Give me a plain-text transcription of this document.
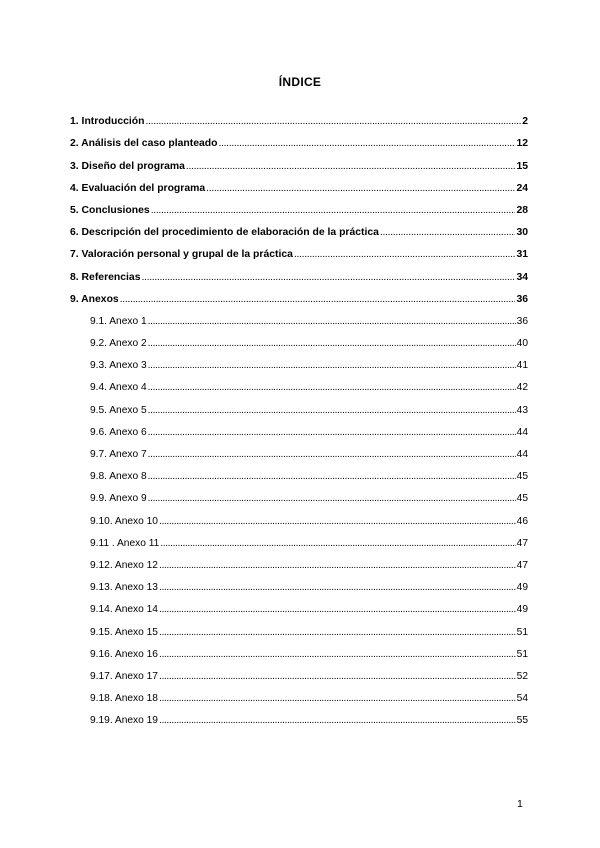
ÍNDICE
1. Introducción . . .	2
2. Análisis del caso planteado . . .	12
3. Diseño del programa . . .	15
4. Evaluación del programa . . .	24
5. Conclusiones . . .	28
6. Descripción del procedimiento de elaboración de la práctica . . .	30
7. Valoración personal y grupal de la práctica . . .	31
8. Referencias . . .	34
9. Anexos . . .	36
9.1. Anexo 1 . . .	36
9.2. Anexo 2 . . .	40
9.3. Anexo 3 . . .	41
9.4. Anexo 4 . . .	42
9.5. Anexo 5 . . .	43
9.6. Anexo 6 . . .	44
9.7. Anexo 7 . . .	44
9.8. Anexo 8 . . .	45
9.9. Anexo 9 . . .	45
9.10. Anexo 10 . . .	46
9.11 . Anexo 11 . . .	47
9.12. Anexo 12 . . .	47
9.13. Anexo 13 . . .	49
9.14. Anexo 14 . . .	49
9.15. Anexo 15 . . .	51
9.16. Anexo 16 . . .	51
9.17. Anexo 17 . . .	52
9.18. Anexo 18 . . .	54
9.19. Anexo 19 . . .	55
1
